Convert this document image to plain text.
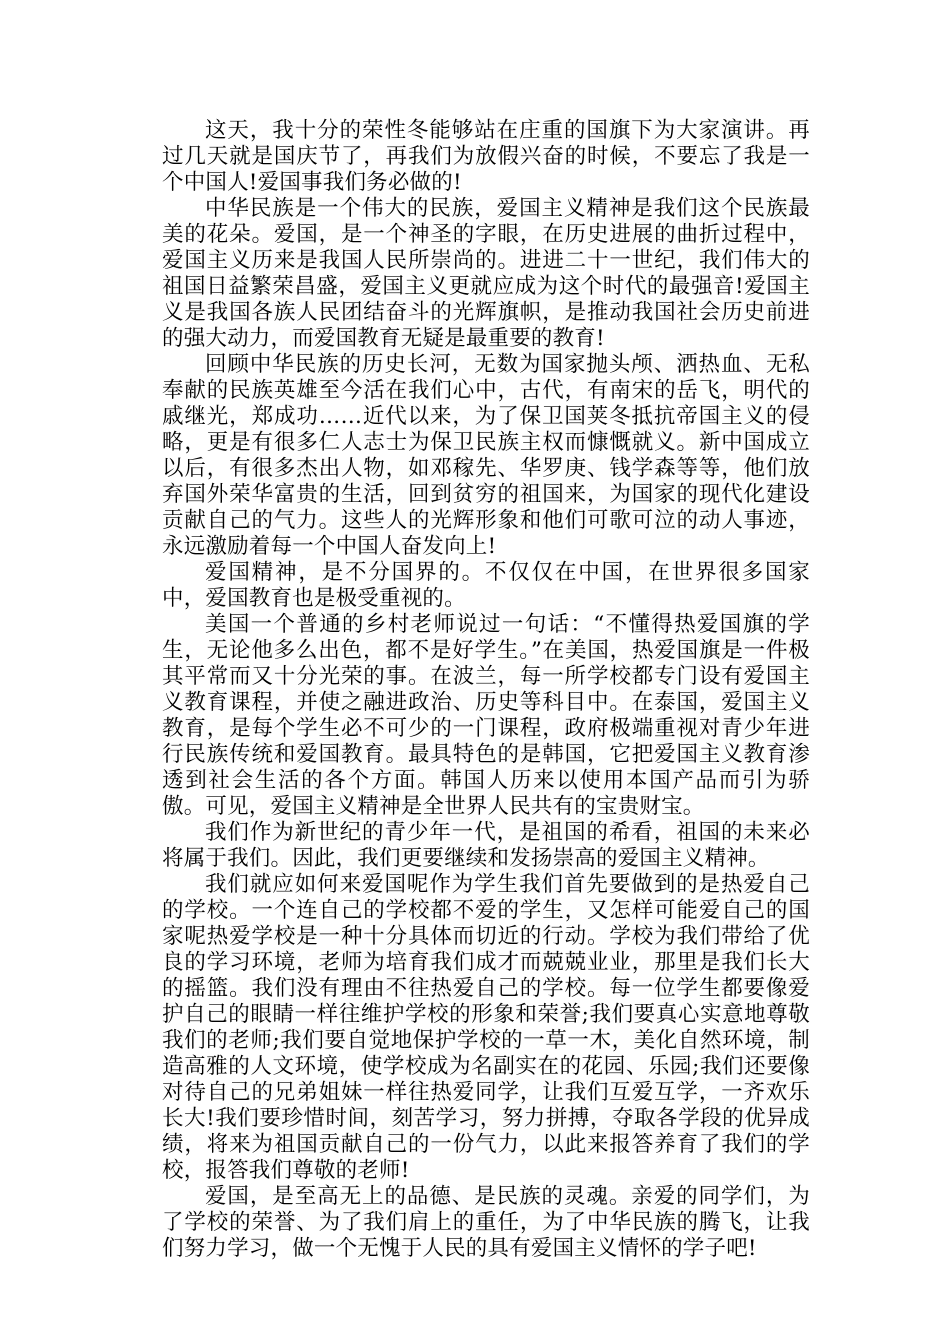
这天，我十分的荣性冬能够站在庄重的国旗下为大家演讲。再过几天就是国庆节了，再我们为放假兴奋的时候，不要忘了我是一个中国人!爱国事我们务必做的!

中华民族是一个伟大的民族，爱国主义精神是我们这个民族最美的花朵。爱国，是一个神圣的字眼，在历史进展的曲折过程中，爱国主义历来是我国人民所崇尚的。进进二十一世纪，我们伟大的祖国日益繁荣昌盛，爱国主义更就应成为这个时代的最强音!爱国主义是我国各族人民团结奋斗的光辉旗帜，是推动我国社会历史前进的强大动力，而爱国教育无疑是最重要的教育!

回顾中华民族的历史长河，无数为国家抛头颅、洒热血、无私奉献的民族英雄至今活在我们心中，古代，有南宋的岳飞，明代的戚继光，郑成功……近代以来，为了保卫国荚冬抵抗帝国主义的侵略，更是有很多仁人志士为保卫民族主权而慷慨就义。新中国成立以后，有很多杰出人物，如邓稼先、华罗庚、钱学森等等，他们放弃国外荣华富贵的生活，回到贫穷的祖国来，为国家的现代化建设贡献自己的气力。这些人的光辉形象和他们可歌可泣的动人事迹，永远激励着每一个中国人奋发向上!

爱国精神，是不分国界的。不仅仅在中国，在世界很多国家中，爱国教育也是极受重视的。

美国一个普通的乡村老师说过一句话：“不懂得热爱国旗的学生，无论他多么出色，都不是好学生。”在美国，热爱国旗是一件极其平常而又十分光荣的事。在波兰，每一所学校都专门设有爱国主义教育课程，并使之融进政治、历史等科目中。在泰国，爱国主义教育，是每个学生必不可少的一门课程，政府极端重视对青少年进行民族传统和爱国教育。最具特色的是韩国，它把爱国主义教育渗透到社会生活的各个方面。韩国人历来以使用本国产品而引为骄傲。可见，爱国主义精神是全世界人民共有的宝贵财宝。

我们作为新世纪的青少年一代，是祖国的希看，祖国的未来必将属于我们。因此，我们更要继续和发扬崇高的爱国主义精神。

我们就应如何来爱国呢作为学生我们首先要做到的是热爱自己的学校。一个连自己的学校都不爱的学生，又怎样可能爱自己的国家呢热爱学校是一种十分具体而切近的行动。学校为我们带给了优良的学习环境，老师为培育我们成才而兢兢业业，那里是我们长大的摇篮。我们没有理由不往热爱自己的学校。每一位学生都要像爱护自己的眼睛一样往维护学校的形象和荣誉;我们要真心实意地尊敬我们的老师;我们要自觉地保护学校的一草一木，美化自然环境，制造高雅的人文环境，使学校成为名副实在的花园、乐园;我们还要像对待自己的兄弟姐妹一样往热爱同学，让我们互爱互学，一齐欢乐长大!我们要珍惜时间，刻苦学习，努力拼搏，夺取各学段的优异成绩，将来为祖国贡献自己的一份气力，以此来报答养育了我们的学校，报答我们尊敬的老师!

爱国，是至高无上的品德、是民族的灵魂。亲爱的同学们，为了学校的荣誉、为了我们肩上的重任，为了中华民族的腾飞，让我们努力学习，做一个无愧于人民的具有爱国主义情怀的学子吧!
